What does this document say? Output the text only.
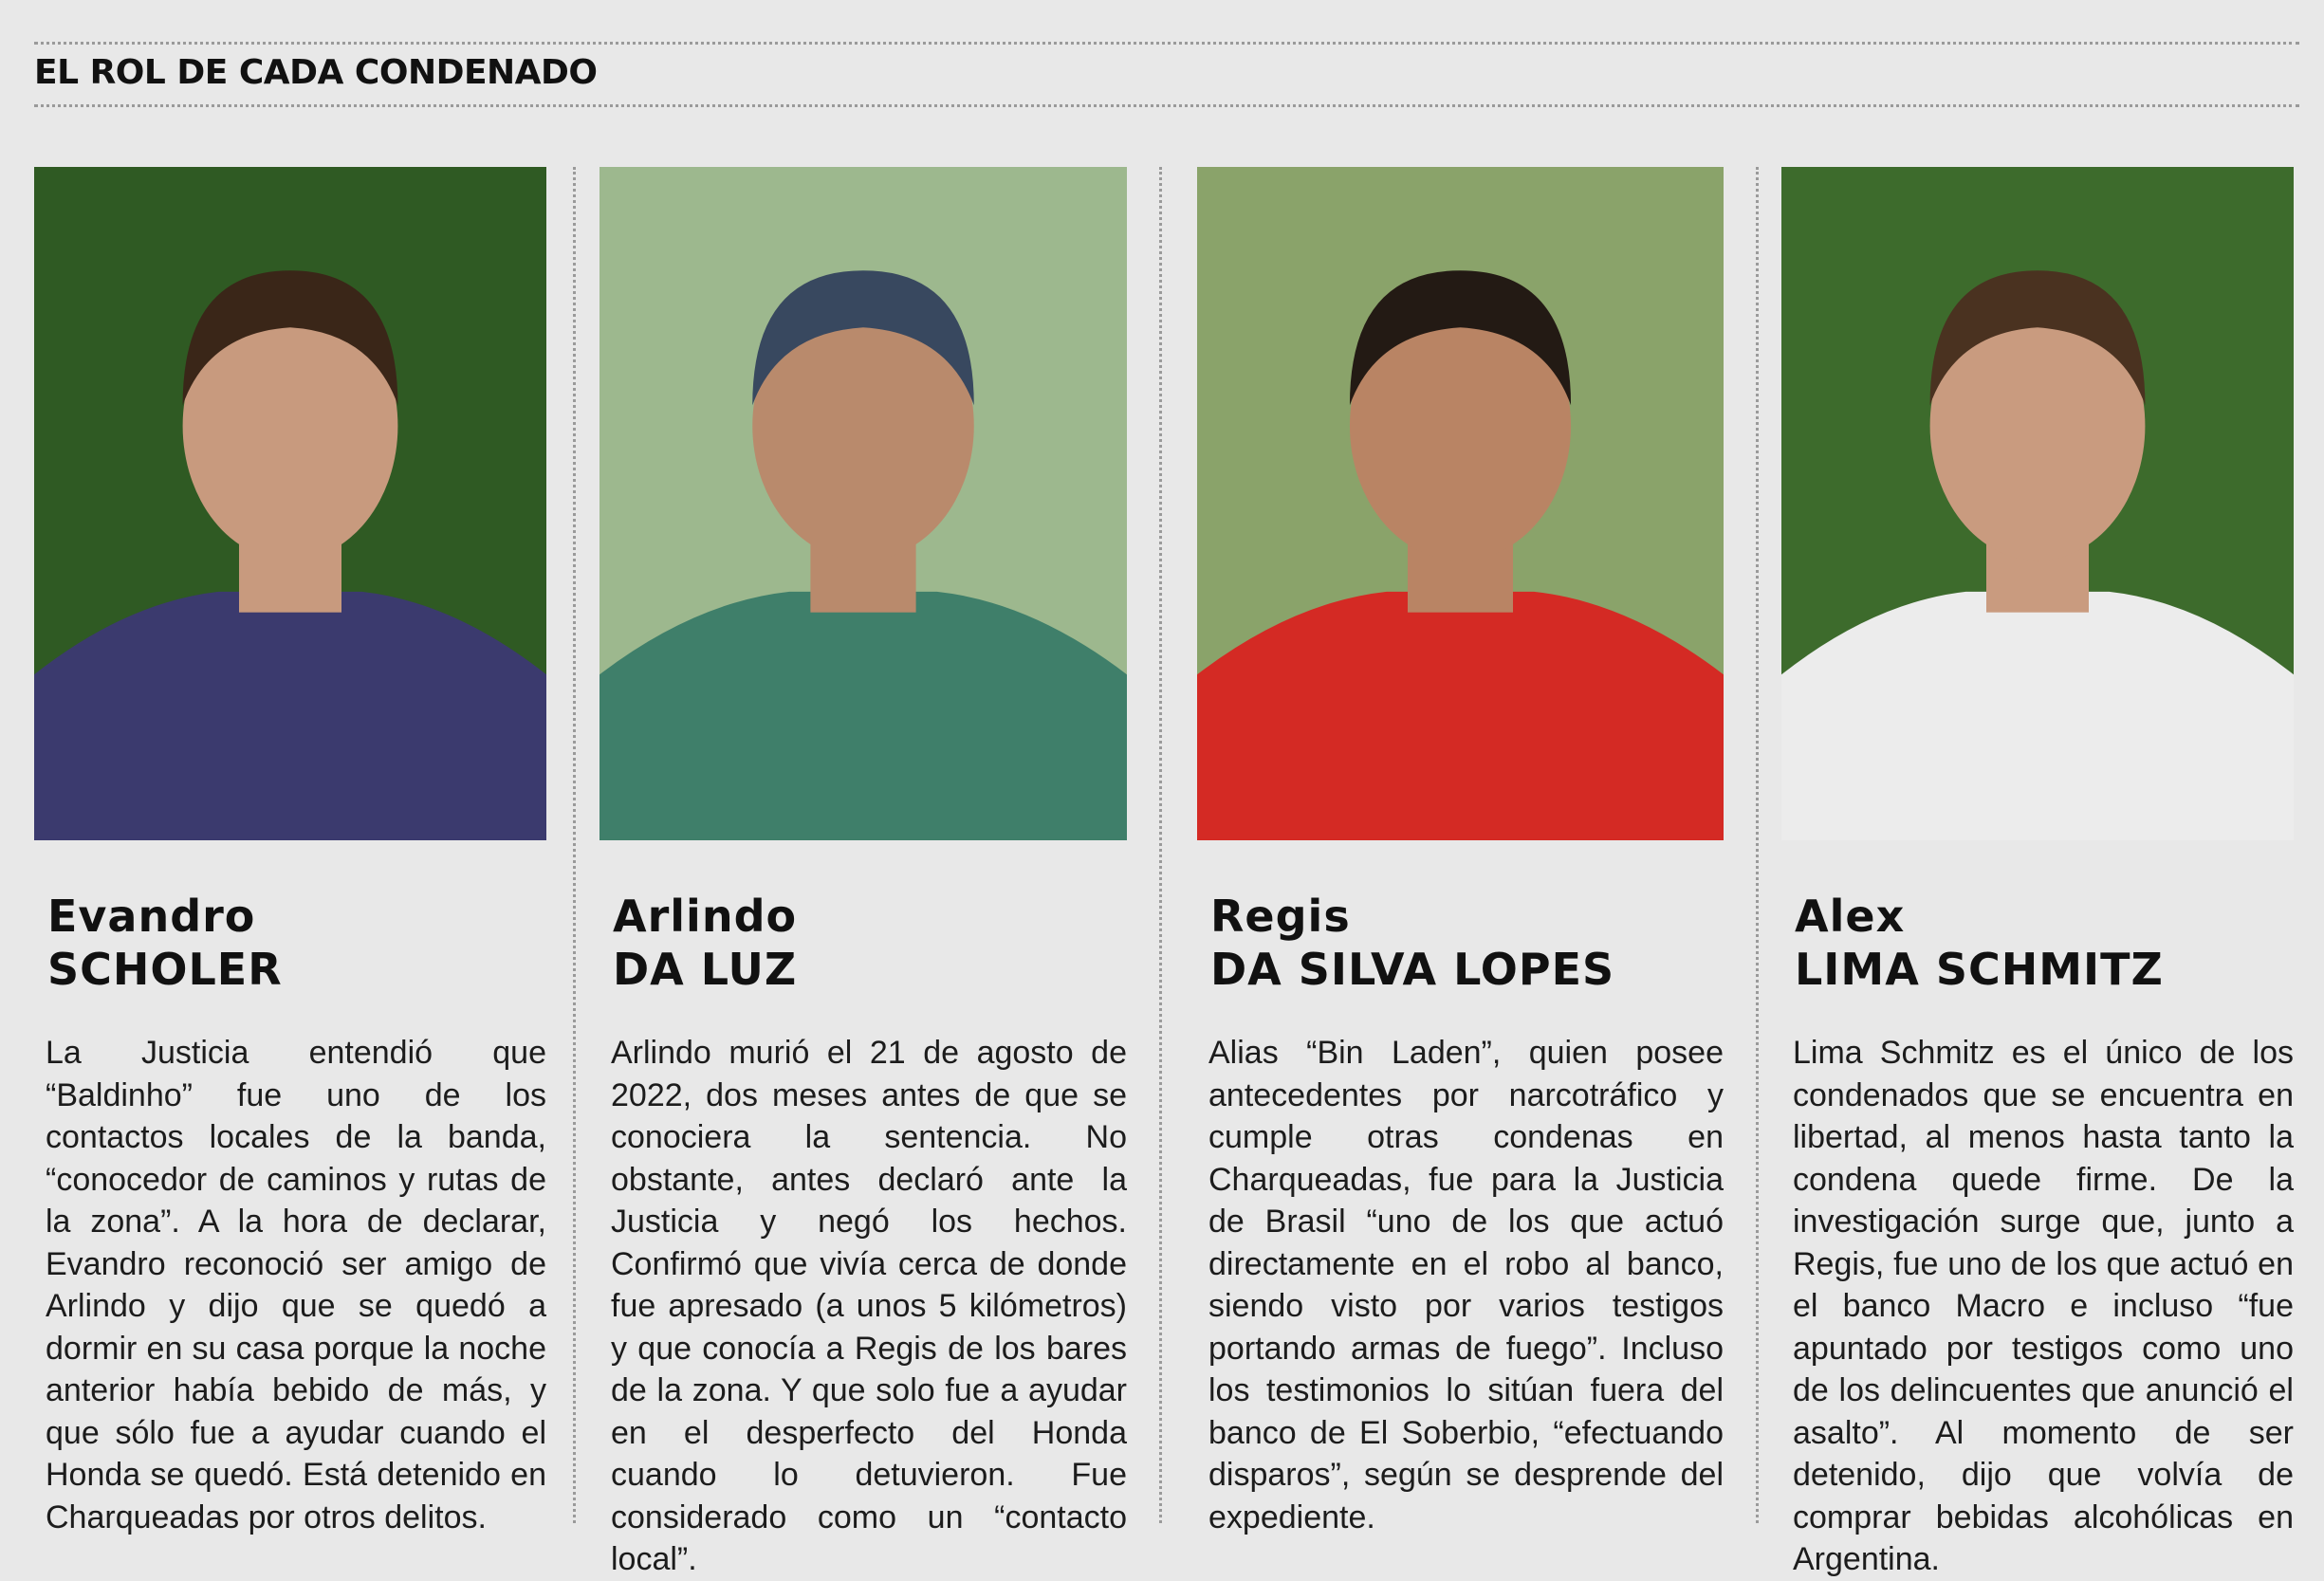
EL ROL DE CADA CONDENADO
Evandro
SCHOLER

La Justicia entendió que “Baldinho” fue uno de los contactos locales de la banda, “conocedor de caminos y rutas de la zona”. A la hora de declarar, Evandro reconoció ser amigo de Arlindo y dijo que se quedó a dormir en su casa porque la noche anterior había bebido de más, y que sólo fue a ayudar cuando el Honda se quedó. Está detenido en Charqueadas por otros delitos.

Arlindo
DA LUZ

Arlindo murió el 21 de agosto de 2022, dos meses antes de que se conociera la sentencia. No obstante, antes declaró ante la Justicia y negó los hechos. Confirmó que vivía cerca de donde fue apresado (a unos 5 kilómetros) y que conocía a Regis de los bares de la zona. Y que solo fue a ayudar en el desperfecto del Honda cuando lo detuvieron. Fue considerado como un “contacto local”.

Regis
DA SILVA LOPES

Alias “Bin Laden”, quien posee antecedentes por narcotráfico y cumple otras condenas en Charqueadas, fue para la Justicia de Brasil “uno de los que actuó directamente en el robo al banco, siendo visto por varios testigos portando armas de fuego”. Incluso los testimonios lo sitúan fuera del banco de El Soberbio, “efectuando disparos”, según se desprende del expediente.

Alex
LIMA SCHMITZ

Lima Schmitz es el único de los condenados que se encuentra en libertad, al menos hasta tanto la condena quede firme. De la investigación surge que, junto a Regis, fue uno de los que actuó en el banco Macro e incluso “fue apuntado por testigos como uno de los delincuentes que anunció el asalto”. Al momento de ser detenido, dijo que volvía de comprar bebidas alcohólicas en Argentina.
